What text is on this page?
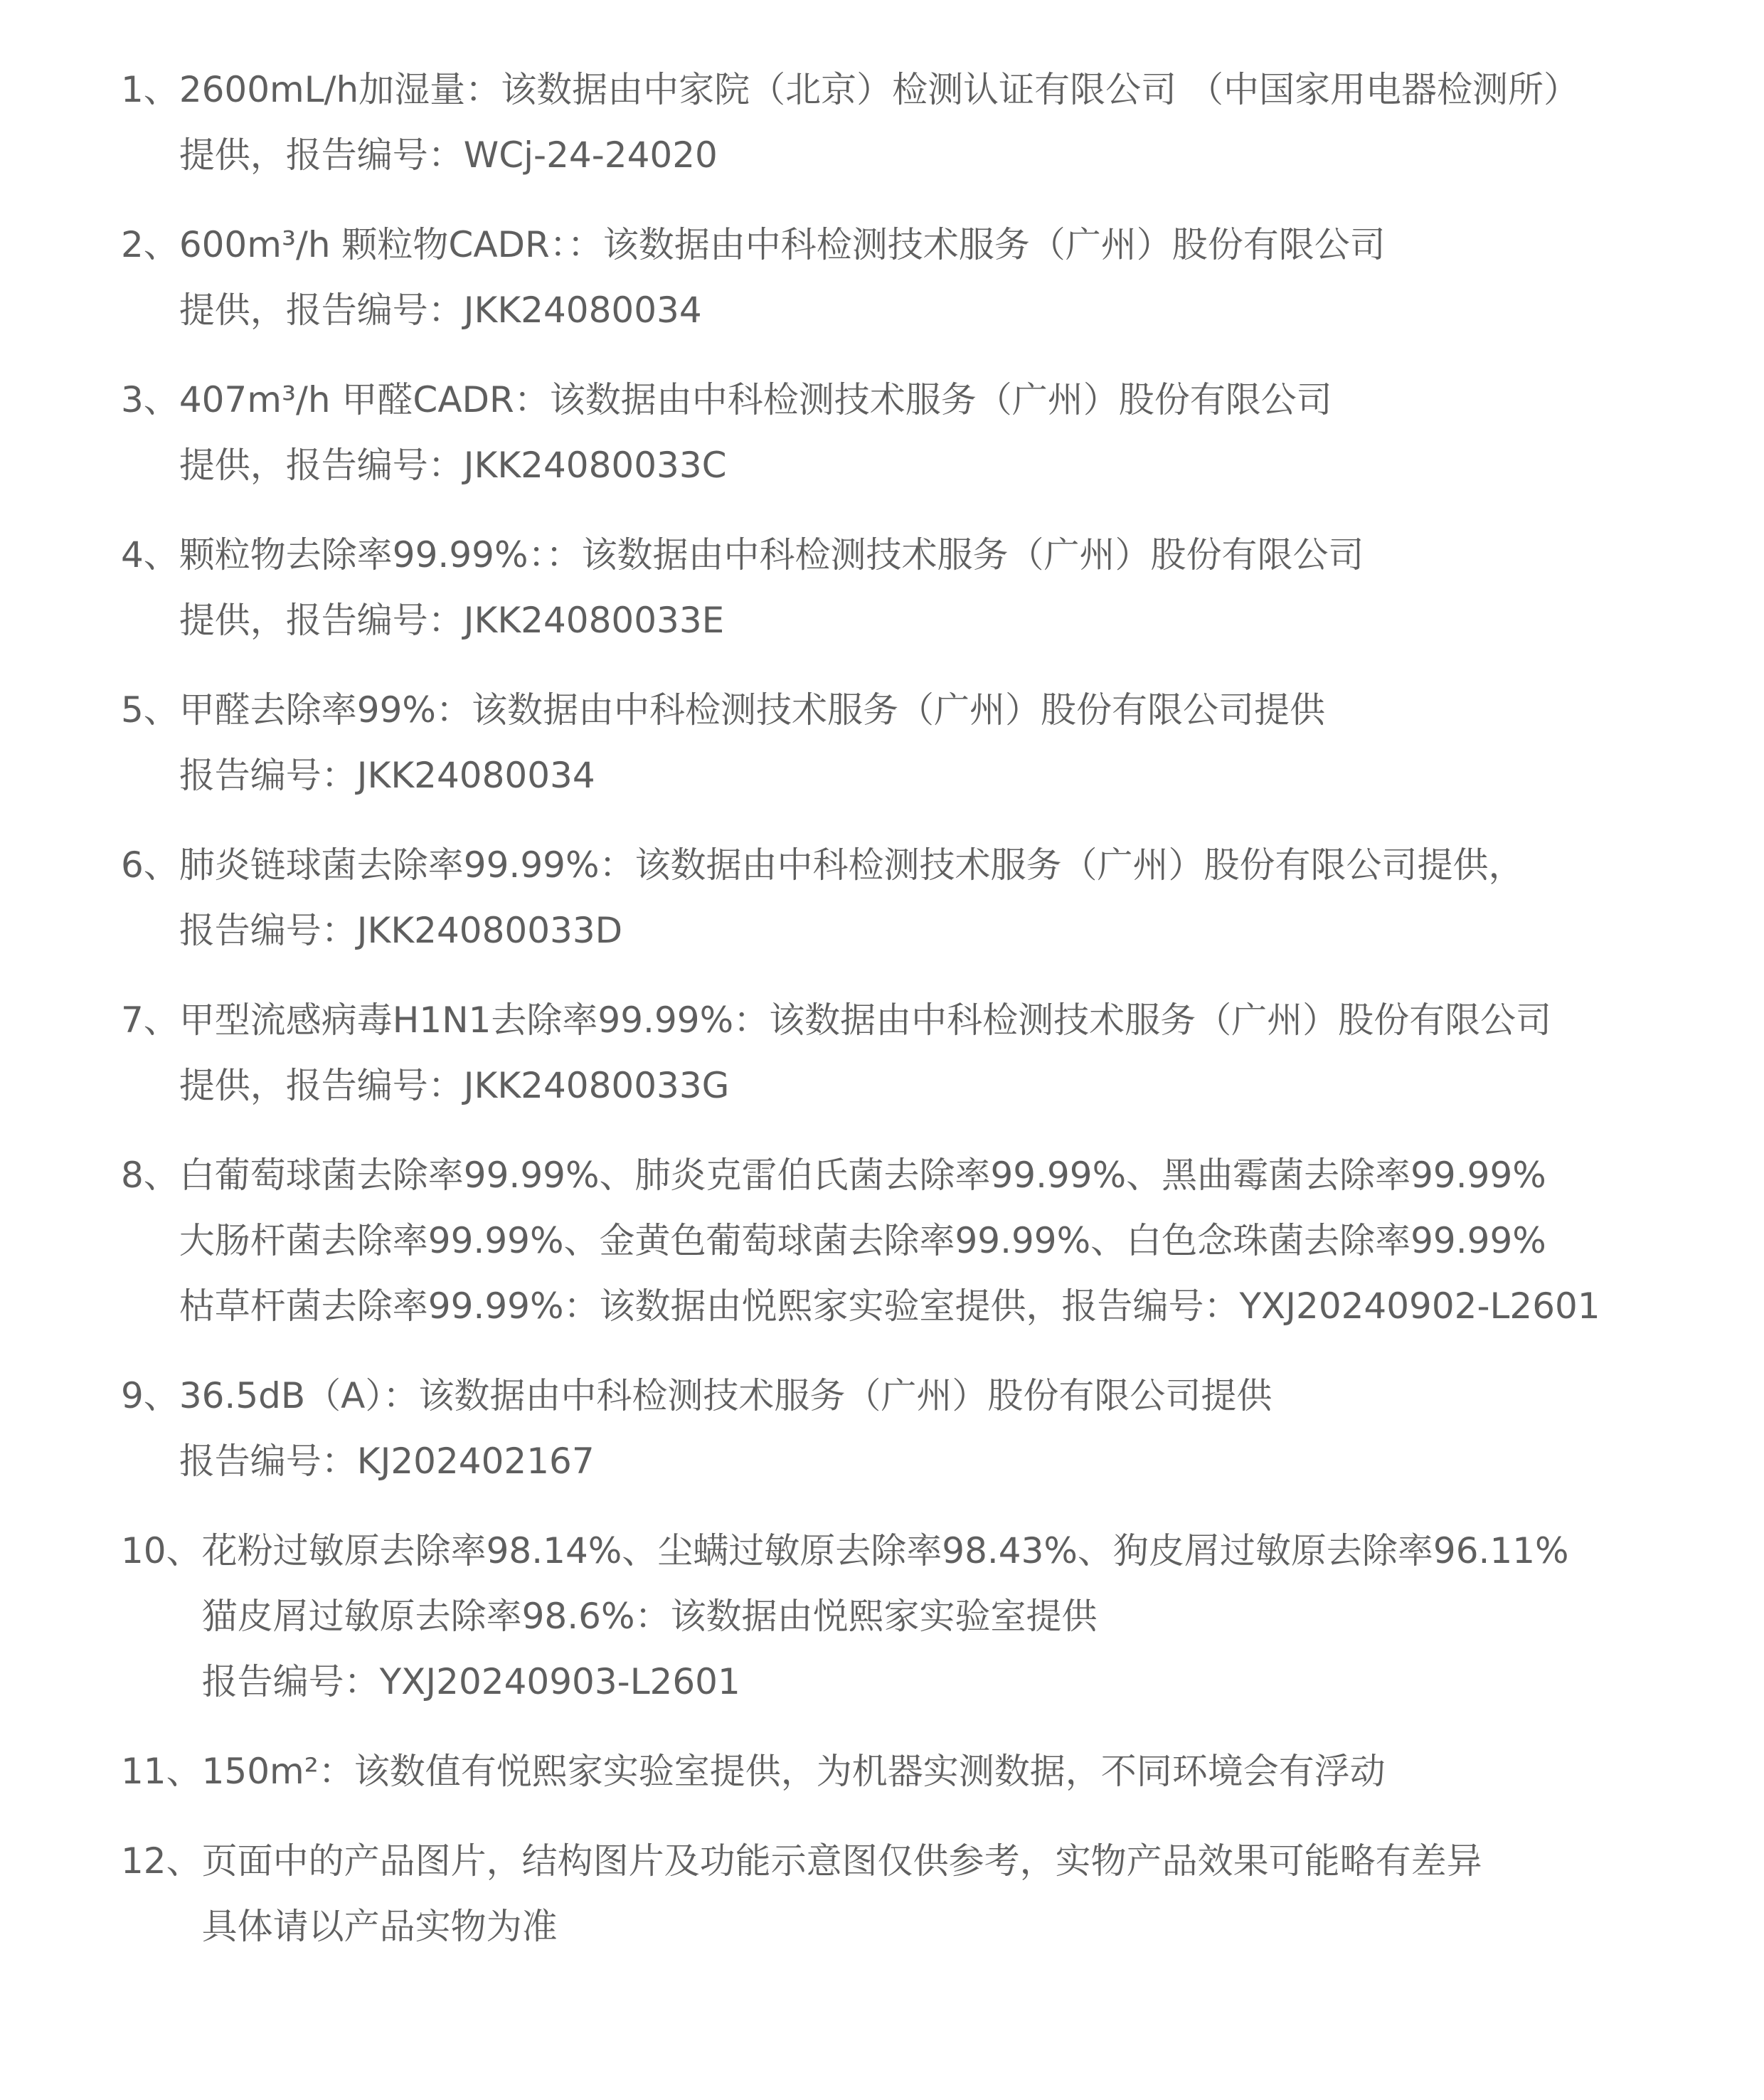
1、 2600mL/h加湿量：该数据由中家院（北京）检测认证有限公司 （中国家用电器检测所）
提供，报告编号：WCj-24-24020
2、 600m³/h 颗粒物CADR：：该数据由中科检测技术服务（广州）股份有限公司
提供，报告编号：JKK24080034
3、 407m³/h 甲醛CADR：该数据由中科检测技术服务（广州）股份有限公司
提供，报告编号：JKK24080033C
4、 颗粒物去除率99.99%：：该数据由中科检测技术服务（广州）股份有限公司
提供，报告编号：JKK24080033E
5、 甲醛去除率99%：该数据由中科检测技术服务（广州）股份有限公司提供
报告编号：JKK24080034
6、 肺炎链球菌去除率99.99%：该数据由中科检测技术服务（广州）股份有限公司提供，
报告编号：JKK24080033D
7、 甲型流感病毒H1N1去除率99.99%：该数据由中科检测技术服务（广州）股份有限公司
提供，报告编号：JKK24080033G
8、 白葡萄球菌去除率99.99%、肺炎克雷伯氏菌去除率99.99%、黑曲霉菌去除率99.99%
大肠杆菌去除率99.99%、金黄色葡萄球菌去除率99.99%、白色念珠菌去除率99.99%
枯草杆菌去除率99.99%：该数据由悦熙家实验室提供，报告编号：YXJ20240902-L2601
9、 36.5dB（A）：该数据由中科检测技术服务（广州）股份有限公司提供
报告编号：KJ202402167
10、 花粉过敏原去除率98.14%、尘螨过敏原去除率98.43%、狗皮屑过敏原去除率96.11%
猫皮屑过敏原去除率98.6%：该数据由悦熙家实验室提供
报告编号：YXJ20240903-L2601
11、 150m²：该数值有悦熙家实验室提供，为机器实测数据，不同环境会有浮动
12、 页面中的产品图片，结构图片及功能示意图仅供参考，实物产品效果可能略有差异
具体请以产品实物为准
